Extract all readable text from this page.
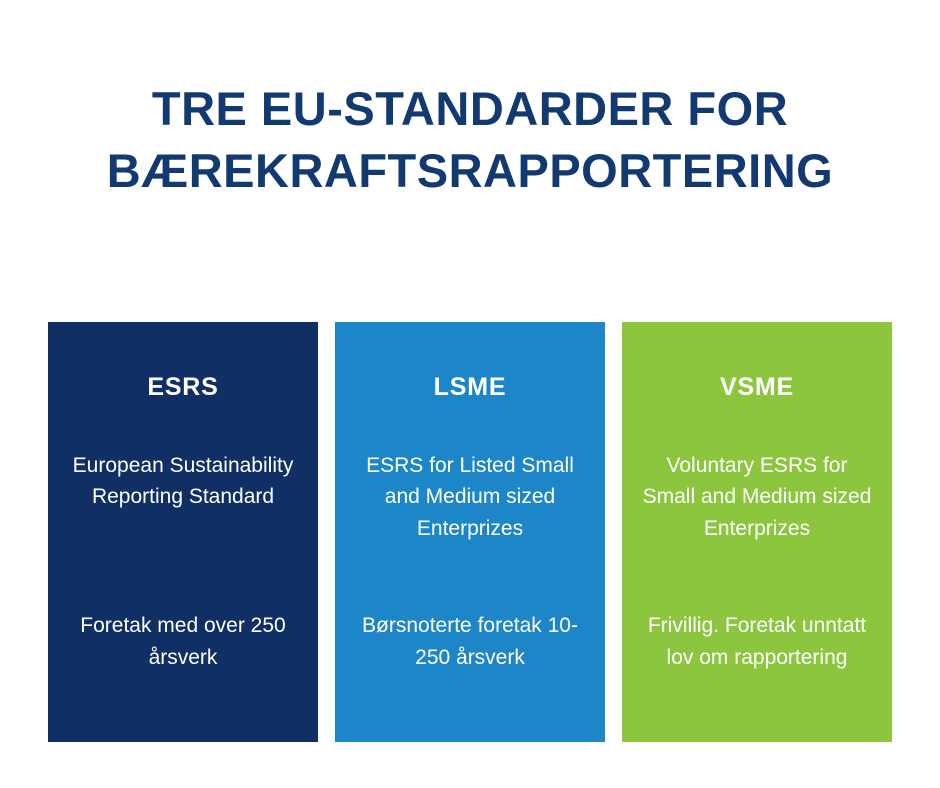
TRE EU-STANDARDER FOR
BÆREKRAFTSRAPPORTERING
ESRS
European Sustainability Reporting Standard
Foretak med over 250 årsverk
LSME
ESRS for Listed Small and Medium sized Enterprizes
Børsnoterte foretak 10-250 årsverk
VSME
Voluntary ESRS for Small and Medium sized Enterprizes
Frivillig. Foretak unntatt lov om rapportering
